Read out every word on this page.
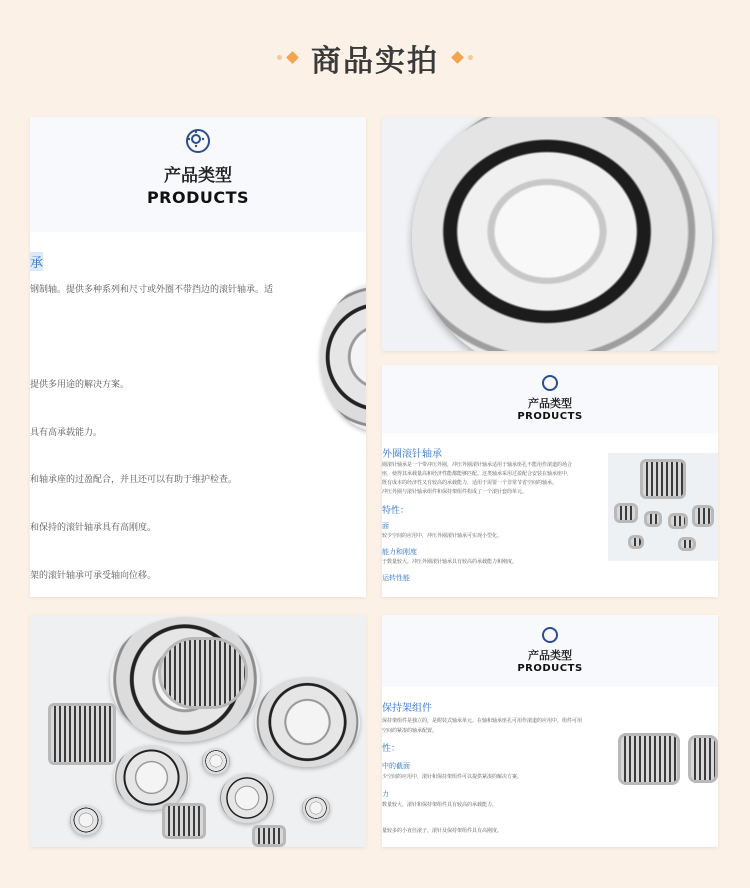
商品实拍
产品类型
PRODUCTS
承
钢制轴。提供多种系列和尺寸或外圈不带挡边的滚针轴承。适
提供多用途的解决方案。
具有高承载能力。
和轴承座的过盈配合，并且还可以有助于维护检查。
和保持的滚针轴承具有高刚度。
架的滚针轴承可承受轴向位移。
产品类型
PRODUCTS
外圈滚针轴承
圈滚针轴承是一个带冲压外圈，冲压外圈滚针轴承适用于轴承座孔不能用作滚道的场合
座，使得其承载量高和经济性能都能够匹配。这类轴承采用过盈配合安装在轴承座中，
既有成本的经济性又有较高的承载能力，适用于需要一个非常节省空间的轴承。
冲压外圈与滚针轴承组件和保持架组件构成了一个滚针套筒单元。
特性：
面
较少空间的应用中，冲压外圈滚针轴承可实现小型化。
能力和刚度
于数量较大，冲压外圈滚针轴承具有较高的承载能力和刚度。
运转性能
产品类型
PRODUCTS
保持架组件
保持架组件是独立的，是附装式轴承单元。在轴和轴承座孔可用作滚道的应用中，组件可用
空间的紧凑的轴承配置。
性：
中的截面
少空间的应用中，滚针和保持架组件可以提供紧凑的解决方案。
力
数量较大，滚针和保持架组件具有较高的承载能力。
量较多的小直径滚子，滚针及保持架组件具有高刚度。
